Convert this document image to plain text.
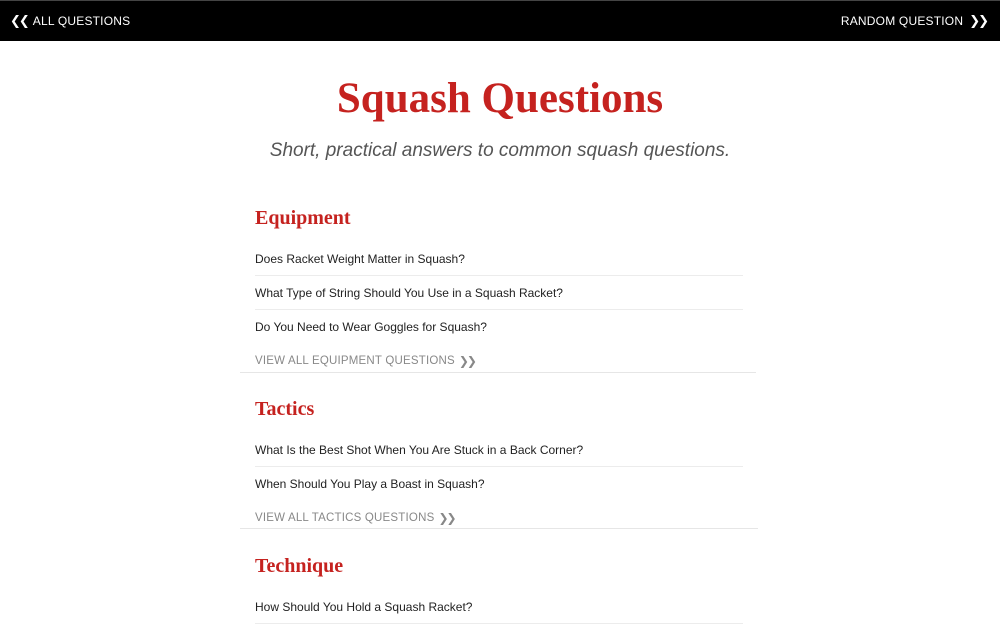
❮❮ ALL QUESTIONS	RANDOM QUESTION ❯❯
Squash Questions

Short, practical answers to common squash questions.

Equipment
Does Racket Weight Matter in Squash?
What Type of String Should You Use in a Squash Racket?
Do You Need to Wear Goggles for Squash?
VIEW ALL EQUIPMENT QUESTIONS ❯❯
Tactics
What Is the Best Shot When You Are Stuck in a Back Corner?
When Should You Play a Boast in Squash?
VIEW ALL TACTICS QUESTIONS ❯❯
Technique
How Should You Hold a Squash Racket?
